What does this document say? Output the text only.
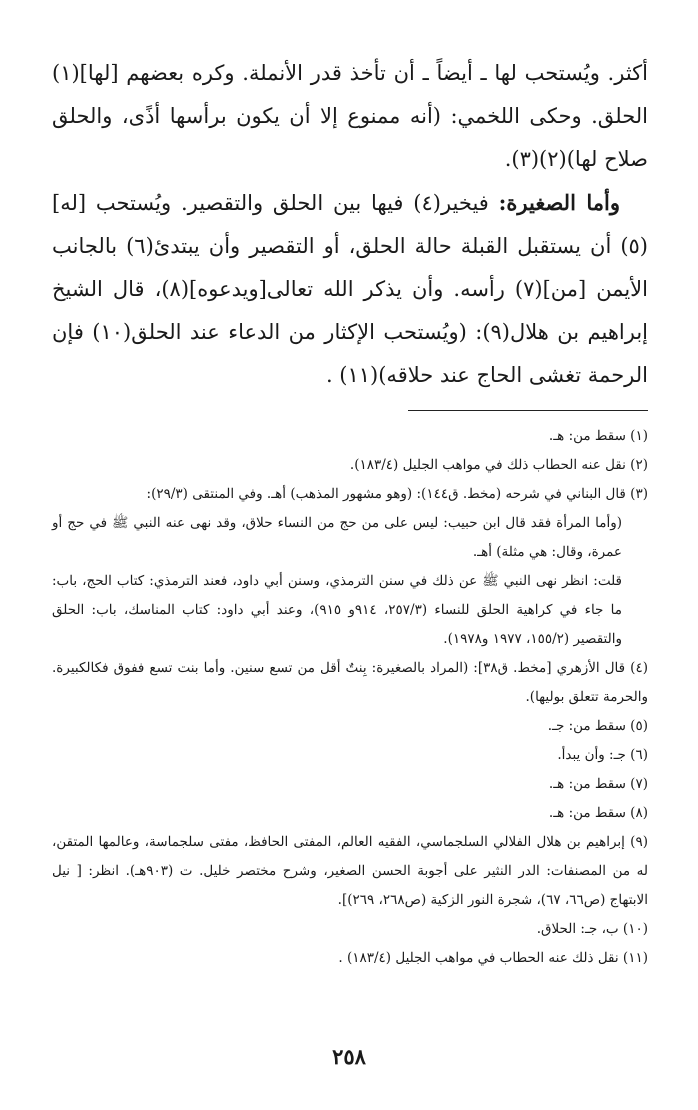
أكثر. ويُستحب لها ـ أيضاً ـ أن تأخذ قدر الأنملة. وكره بعضهم [لها](١) الحلق. وحكى اللخمي: (أنه ممنوع إلا أن يكون برأسها أذًى، والحلق صلاح لها)(٢)(٣).

وأما الصغيرة: فيخير(٤) فيها بين الحلق والتقصير. ويُستحب [له](٥) أن يستقبل القبلة حالة الحلق، أو التقصير وأن يبتدئ(٦) بالجانب الأيمن [من](٧) رأسه. وأن يذكر الله تعالى[ويدعوه](٨)، قال الشيخ إبراهيم بن هلال(٩): (ويُستحب الإكثار من الدعاء عند الحلق(١٠) فإن الرحمة تغشى الحاج عند حلاقه)(١١) .

(١) سقط من: هـ.

(٢) نقل عنه الحطاب ذلك في مواهب الجليل (١٨٣/٤).

(٣) قال البناني في شرحه (مخط. ق١٤٤): (وهو مشهور المذهب) أهـ. وفي المنتقى (٢٩/٣):

(وأما المرأة فقد قال ابن حبيب: ليس على من حج من النساء حلاق، وقد نهى عنه النبي ﷺ في حج أو عمرة، وقال: هي مثلة) أهـ.

قلت: انظر نهى النبي ﷺ عن ذلك في سنن الترمذي، وسنن أبي داود، فعند الترمذي: كتاب الحج، باب: ما جاء في كراهية الحلق للنساء (٢٥٧/٣، ٩١٤و ٩١٥)، وعند أبي داود: كتاب المناسك، باب: الحلق والتقصير (١٥٥/٢، ١٩٧٧ و١٩٧٨).

(٤) قال الأزهري [مخط. ق٣٨]: (المراد بالصغيرة: بِنتٌ أقل من تسع سنين. وأما بنت تسع ففوق فكالكبيرة. والحرمة تتعلق بوليها).

(٥) سقط من: جـ.

(٦) جـ: وأن يبدأ.

(٧) سقط من: هـ.

(٨) سقط من: هـ.

(٩) إبراهيم بن هلال الفلالي السلجماسي، الفقيه العالم، المفتى الحافظ، مفتى سلجماسة، وعالمها المتقن، له من المصنفات: الدر النثير على أجوبة الحسن الصغير، وشرح مختصر خليل. ت (٩٠٣هـ). انظر: [ نيل الابتهاج (ص٦٦، ٦٧)، شجرة النور الزكية (ص٢٦٨، ٢٦٩)].

(١٠) ب، جـ: الحلاق.

(١١) نقل ذلك عنه الحطاب في مواهب الجليل (١٨٣/٤) .

٢٥٨
